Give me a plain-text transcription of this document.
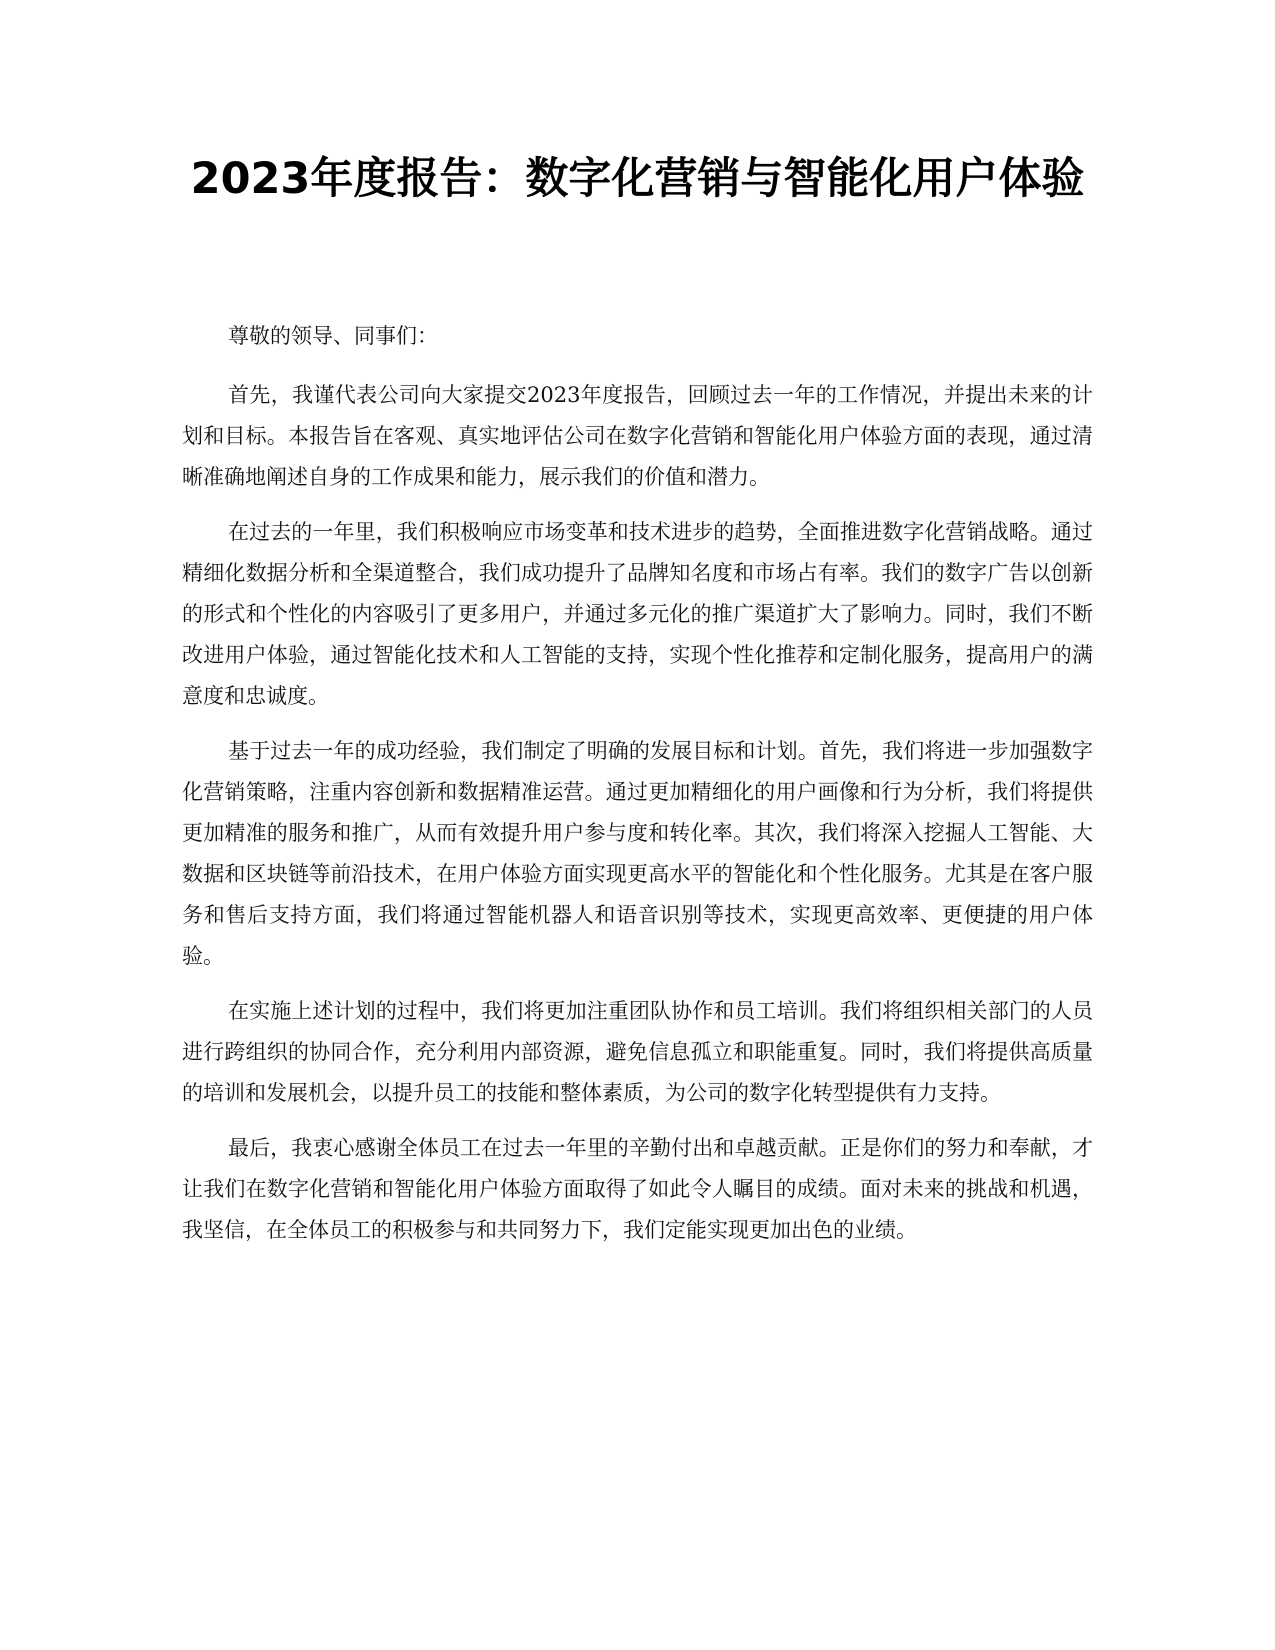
2023年度报告：数字化营销与智能化用户体验

尊敬的领导、同事们：

首先，我谨代表公司向大家提交2023年度报告，回顾过去一年的工作情况，并提出未来的计划和目标。本报告旨在客观、真实地评估公司在数字化营销和智能化用户体验方面的表现，通过清晰准确地阐述自身的工作成果和能力，展示我们的价值和潜力。

在过去的一年里，我们积极响应市场变革和技术进步的趋势，全面推进数字化营销战略。通过精细化数据分析和全渠道整合，我们成功提升了品牌知名度和市场占有率。我们的数字广告以创新的形式和个性化的内容吸引了更多用户，并通过多元化的推广渠道扩大了影响力。同时，我们不断改进用户体验，通过智能化技术和人工智能的支持，实现个性化推荐和定制化服务，提高用户的满意度和忠诚度。

基于过去一年的成功经验，我们制定了明确的发展目标和计划。首先，我们将进一步加强数字化营销策略，注重内容创新和数据精准运营。通过更加精细化的用户画像和行为分析，我们将提供更加精准的服务和推广，从而有效提升用户参与度和转化率。其次，我们将深入挖掘人工智能、大数据和区块链等前沿技术，在用户体验方面实现更高水平的智能化和个性化服务。尤其是在客户服务和售后支持方面，我们将通过智能机器人和语音识别等技术，实现更高效率、更便捷的用户体验。

在实施上述计划的过程中，我们将更加注重团队协作和员工培训。我们将组织相关部门的人员进行跨组织的协同合作，充分利用内部资源，避免信息孤立和职能重复。同时，我们将提供高质量的培训和发展机会，以提升员工的技能和整体素质，为公司的数字化转型提供有力支持。

最后，我衷心感谢全体员工在过去一年里的辛勤付出和卓越贡献。正是你们的努力和奉献，才让我们在数字化营销和智能化用户体验方面取得了如此令人瞩目的成绩。面对未来的挑战和机遇，我坚信，在全体员工的积极参与和共同努力下，我们定能实现更加出色的业绩。
